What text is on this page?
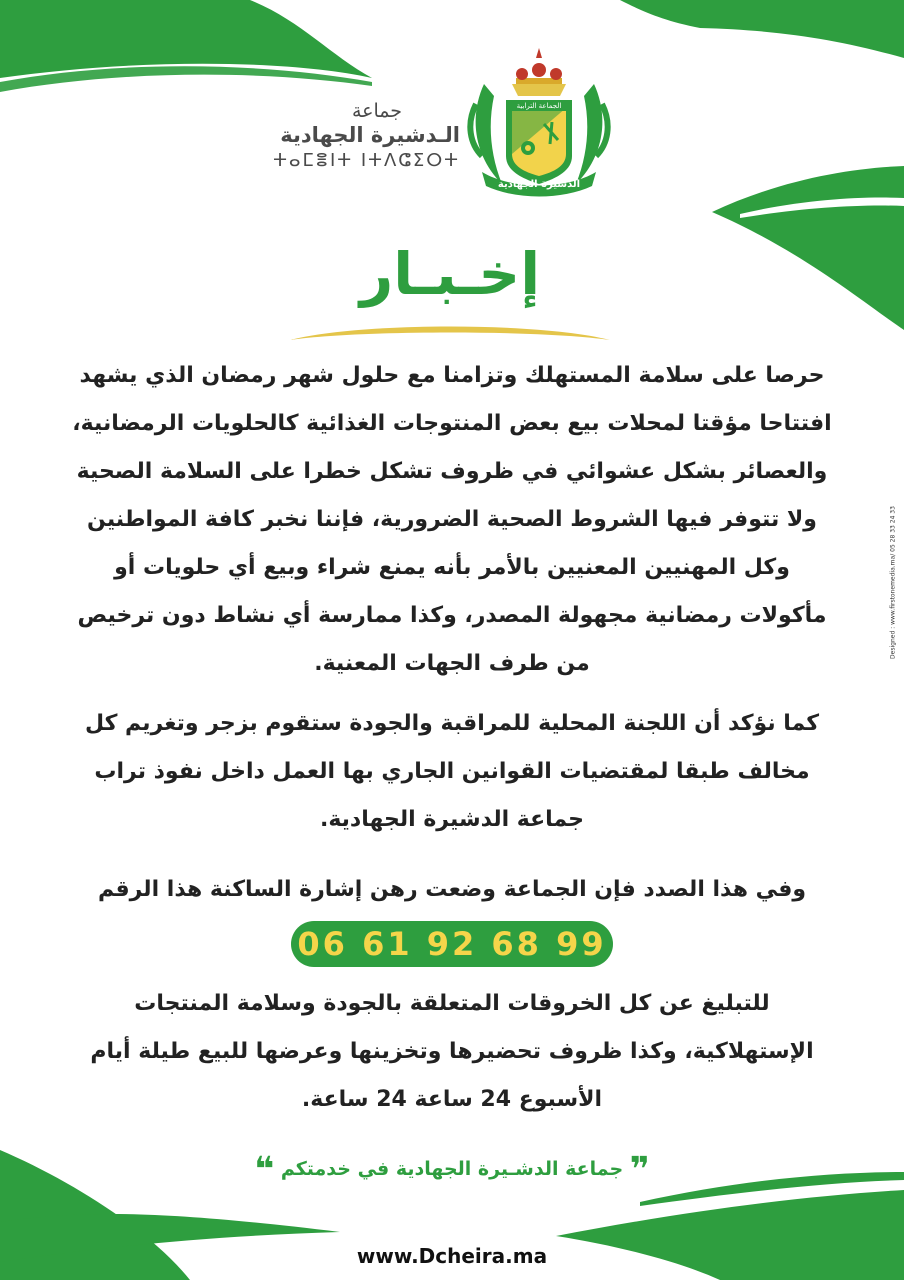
جماعة
الـدشيرة الجهادية
ⵜⴰⵎⴻⵏⵜ ⵏⵜⴷⵛⵉⵔⵜ
الجماعة الترابية
الدشيرة الجهادية
إخـبـار
حرصا على سلامة المستهلك وتزامنا مع حلول شهر رمضان الذي يشهد افتتاحا مؤقتا لمحلات بيع بعض المنتوجات الغذائية كالحلويات الرمضانية، والعصائر بشكل عشوائي في ظروف تشكل خطرا على السلامة الصحية ولا تتوفر فيها الشروط الصحية الضرورية، فإننا نخبر كافة المواطنين وكل المهنيين المعنيين بالأمر بأنه يمنع شراء وبيع أي حلويات أو مأكولات رمضانية مجهولة المصدر، وكذا ممارسة أي نشاط دون ترخيص من طرف الجهات المعنية.
كما نؤكد أن اللجنة المحلية للمراقبة والجودة ستقوم بزجر وتغريم كل مخالف طبقا لمقتضيات القوانين الجاري بها العمل داخل نفوذ تراب جماعة الدشيرة الجهادية.
وفي هذا الصدد فإن الجماعة وضعت رهن إشارة الساكنة هذا الرقم
06 61 92 68 99
للتبليغ عن كل الخروقات المتعلقة بالجودة وسلامة المنتجات الإستهلاكية، وكذا ظروف تحضيرها وتخزينها وعرضها للبيع طيلة أيام الأسبوع 24 ساعة 24 ساعة.
❞ جماعة الدشـيرة الجهادية في خدمتكم ❝
www.Dcheira.ma
Designed : www.firstonemedia.ma/ 05 28 33 24 33
